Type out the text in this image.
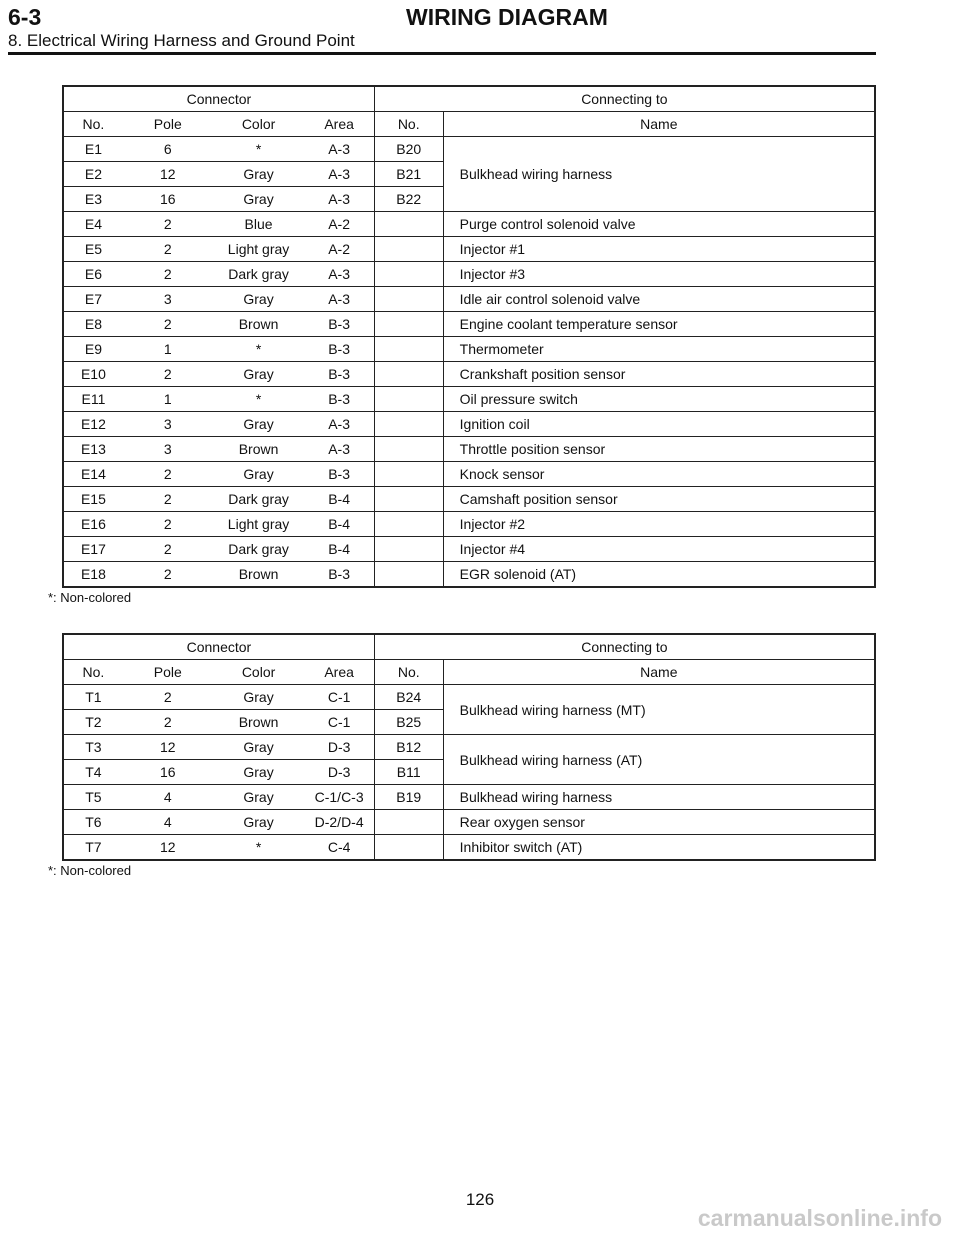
6-3	WIRING DIAGRAM
8. Electrical Wiring Harness and Ground Point
Connector				Connecting to	
No.	Pole	Color	Area	No.	Name
E1	6	*	A-3	B20	Bulkhead wiring harness
E2	12	Gray	A-3	B21	
E3	16	Gray	A-3	B22	
E4	2	Blue	A-2		Purge control solenoid valve
E5	2	Light gray	A-2		Injector #1
E6	2	Dark gray	A-3		Injector #3
E7	3	Gray	A-3		Idle air control solenoid valve
E8	2	Brown	B-3		Engine coolant temperature sensor
E9	1	*	B-3		Thermometer
E10	2	Gray	B-3		Crankshaft position sensor
E11	1	*	B-3		Oil pressure switch
E12	3	Gray	A-3		Ignition coil
E13	3	Brown	A-3		Throttle position sensor
E14	2	Gray	B-3		Knock sensor
E15	2	Dark gray	B-4		Camshaft position sensor
E16	2	Light gray	B-4		Injector #2
E17	2	Dark gray	B-4		Injector #4
E18	2	Brown	B-3		EGR solenoid (AT)
*: Non-colored
Connector				Connecting to	
No.	Pole	Color	Area	No.	Name
T1	2	Gray	C-1	B24	Bulkhead wiring harness (MT)
T2	2	Brown	C-1	B25	
T3	12	Gray	D-3	B12	Bulkhead wiring harness (AT)
T4	16	Gray	D-3	B11	
T5	4	Gray	C-1/C-3	B19	Bulkhead wiring harness
T6	4	Gray	D-2/D-4		Rear oxygen sensor
T7	12	*	C-4		Inhibitor switch (AT)
*: Non-colored
126
carmanualsonline.info
